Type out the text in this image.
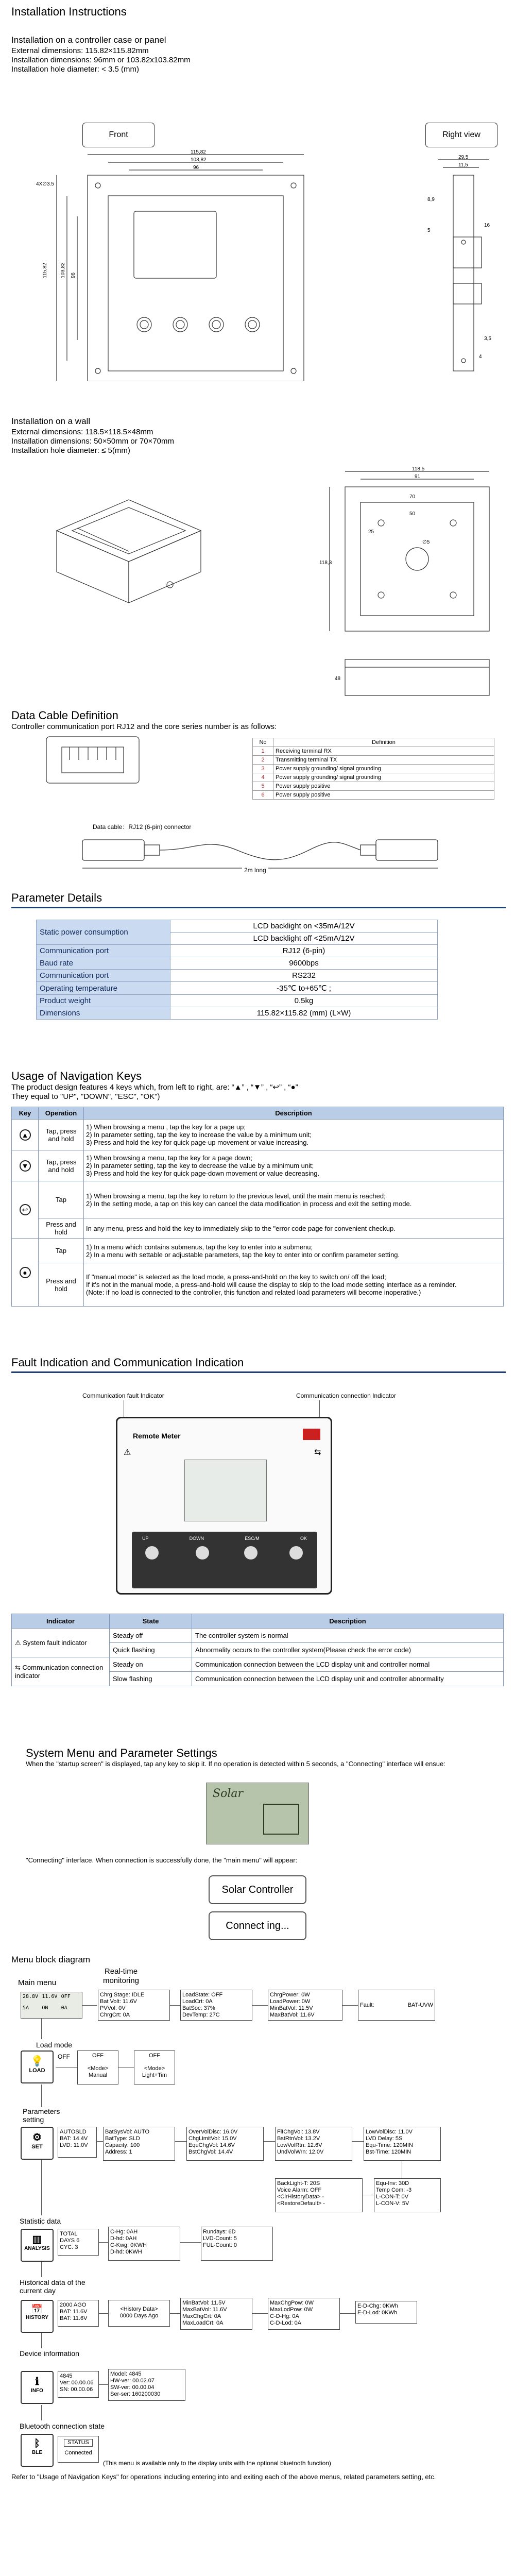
Installation Instructions
Installation on a controller case or panel
External dimensions: 115.82×115.82mm
Installation dimensions: 96mm or 103.82x103.82mm
Installation hole diameter: < 3.5 (mm)
Front	Right view
115,82
103,82
96
4X∅3.5
115,82 103,82 96
29,5
11,5
8,9
16
5
3,5
4
Installation on a wall
External dimensions: 118.5×118.5×48mm
Installation dimensions: 50×50mm or 70×70mm
Installation hole diameter: ≤ 5(mm)
118,5
91
70
50
118,3
25
∅5
48
Data Cable Definition
Controller communication port RJ12 and the core series number is as follows:
No	Definition
1	Receiving terminal RX
2	Transmitting terminal TX
3	Power supply grounding/ signal grounding
4	Power supply grounding/ signal grounding
5	Power supply positive
6	Power supply positive
Data cable：RJ12 (6-pin) connector
2m long
Parameter Details
Static power consumption	LCD backlight on <35mA/12V
	LCD backlight off <25mA/12V
Communication port	RJ12 (6-pin)
Baud rate	9600bps
Communication port	RS232
Operating temperature	-35℃ to+65℃ ;
Product weight	0.5kg
Dimensions	115.82×115.82 (mm) (L×W)
Usage of Navigation Keys
The product design features 4 keys which, from left to right, are: “▲” , “▼” , “↩” , “●”
They equal to "UP", "DOWN", "ESC", "OK")
Key	Operation	Description
▲	Tap, press and hold	1) When browsing a menu , tap the key for a page up;
2) In parameter setting, tap the key to increase the value by a minimum unit;
3) Press and hold the key for quick page-up movement or value increasing.

▼	Tap, press and hold	1) When browsing a menu, tap the key for a page down;
2) In parameter setting, tap the key to decrease the value by a minimum unit;
3) Press and hold the key for quick page-down movement or value decreasing.

↩	Tap	1) When browsing a menu, tap the key to return to the previous level, until the main menu is reached;
2) In the setting mode, a tap on this key can cancel the data modification in process and exit the setting mode.

	Press and hold	In any menu, press and hold the key to immediately skip to the "error code page for convenient checkup.

●	Tap	1) In a menu which contains submenus, tap the key to enter into a submenu;
2) In a menu with settable or adjustable parameters, tap the key to enter into or confirm parameter setting.

	Press and hold	If "manual mode" is selected as the load mode, a press-and-hold on the key to switch on/ off the load;
If it's not in the manual mode, a press-and-hold will cause the display to skip to the load mode setting interface as a reminder.
(Note: if no load is connected to the controller, this function and related load parameters will become inoperative.)
Fault Indication and Communication Indication
Communication fault Indicator	Communication connection Indicator
Remote Meter
⚠	⇆
UP	DOWN	ESC/M	OK
Indicator	State	Description
⚠ System fault indicator	Steady off	The controller system is normal
	Quick flashing	Abnormality occurs to the controller system(Please check the error code)
⇆ Communication connection indicator	Steady on	Communication connection between the LCD display unit and controller normal
	Slow flashing	Communication connection between the LCD display unit and controller abnormality
System Menu and Parameter Settings
When the "startup screen" is displayed, tap any key to skip it. If no operation is detected within 5 seconds, a "Connecting" interface will ensue:
Solar
"Connecting" interface. When connection is successfully done, the "main menu" will appear:
Solar Controller
Connect ing...
Menu block diagram
Main menu
Real-time monitoring
28.8V 11.6V OFF
5A	ON	0A
Chrg Stage: IDLE
Bat Volt: 11.6V
PVVol: 0V
ChrgCrt: 0A
LoadState: OFF
LoadCrt: 0A
BatSoc: 37%
DevTemp: 27C
ChrgPower: 0W
LoadPower: 0W
MinBatVol: 11.5V
MaxBatVol: 11.6V
Fault:	BAT-UVW
Load mode
💡
LOAD
OFF	OFF
<Mode> Manual
OFF
<Mode> Light+Tim
Parameters setting
⚙
SET
AUTOSLD
BAT: 14.4V
LVD: 11.0V
BatSysVol: AUTO
BatType: SLD
Capacity: 100
Address: 1
OverVolDisc: 16.0V
ChgLimitVol: 15.0V
EquChgVol: 14.6V
BstChgVol: 14.4V
FlIChgVol: 13.8V
BstRtnVol: 13.2V
LowVolRtn: 12.6V
UndVolWrn: 12.0V
LowVolDisc: 11.0V
LVD Delay: 5S
Equ-Time: 120MIN
Bst-Time: 120MIN
BackLight-T: 20S
Voice Alarm: OFF
<ClrHistoryData> -
<RestoreDefault> -
Equ-Inv: 30D
Temp Com: -3
L-CON-T: 0V
L-CON-V: 5V
Statistic data
▥
ANALYSIS
TOTAL
DAYS 6
CYC. 3
C-Hg: 0AH
D-hd: 0AH
C-Kwg: 0KWH
D-hd: 0KWH
Rundays: 6D
LVD-Count: 5
FUL-Count: 0
Historical data of the current day
📅
HISTORY
2000 AGO
BAT: 11.6V
BAT: 11.6V
<History Data>
0000 Days Ago
MinBatVol: 11.5V
MaxBatVol: 11.6V
MaxChgCrt: 0A
MaxLoadCrt: 0A
MaxChgPow: 0W
MaxLodPow: 0W
C-D-Hg: 0A
C-D-Lod: 0A
E-D-Chg: 0KWh
E-D-Lod: 0KWh
Device information
ℹ
INFO
4845
Ver: 00.00.06
SN: 00.00.06
Model: 4845
HW-ver: 00.02.07
SW-ver: 00.00.04
Ser-ser: 160200030
Bluetooth connection state
ᛒ
BLE
STATUS
Connected
(This menu is available only to the display units with the optional bluetooth function)
Refer to "Usage of Navigation Keys" for operations including entering into and exiting each of the above menus, related parameters setting, etc.
